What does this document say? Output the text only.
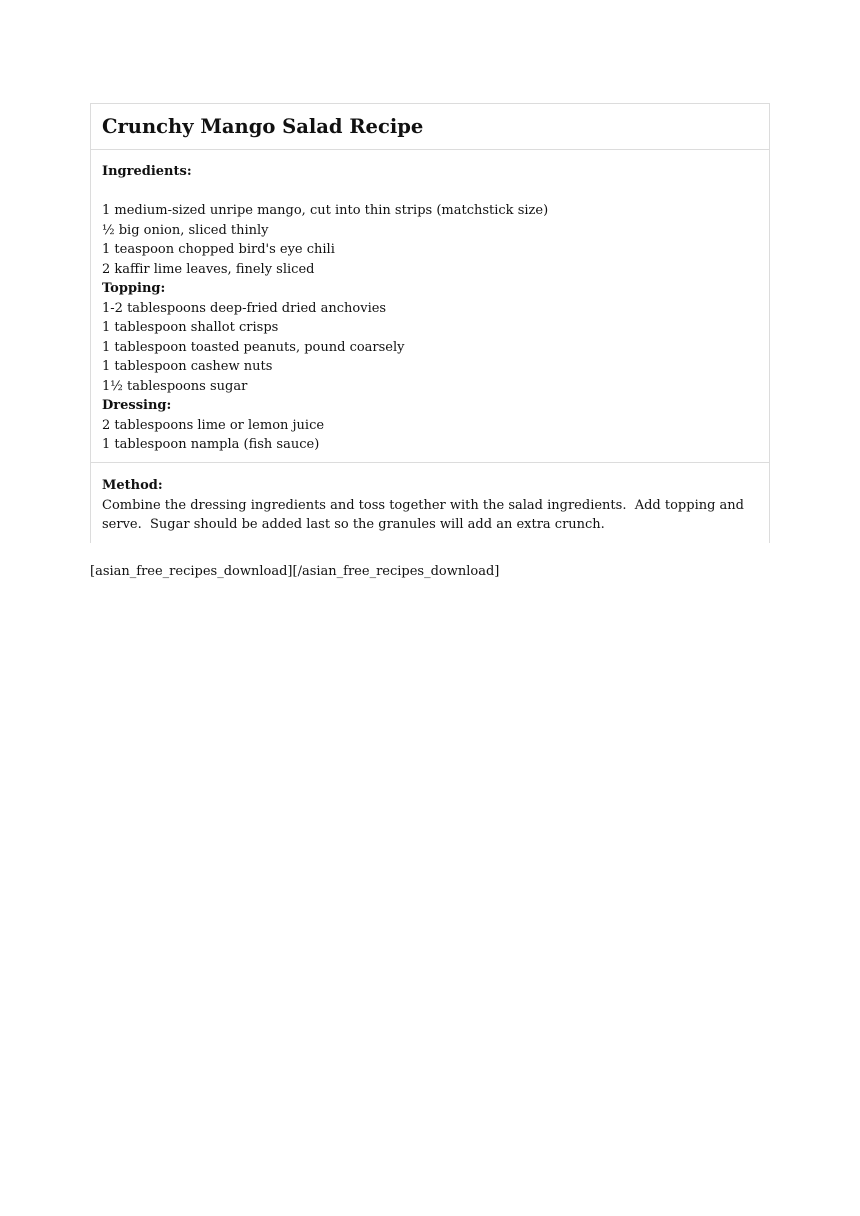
Crunchy Mango Salad Recipe
Ingredients:
1 medium-sized unripe mango, cut into thin strips (matchstick size)
½ big onion, sliced thinly
1 teaspoon chopped bird's eye chili
2 kaffir lime leaves, finely sliced
Topping:
1-2 tablespoons deep-fried dried anchovies
1 tablespoon shallot crisps
1 tablespoon toasted peanuts, pound coarsely
1 tablespoon cashew nuts
1½ tablespoons sugar
Dressing:
2 tablespoons lime or lemon juice
1 tablespoon nampla (fish sauce)
Method:
Combine the dressing ingredients and toss together with the salad ingredients.  Add topping and serve.  Sugar should be added last so the granules will add an extra crunch.
[asian_free_recipes_download][/asian_free_recipes_download]
